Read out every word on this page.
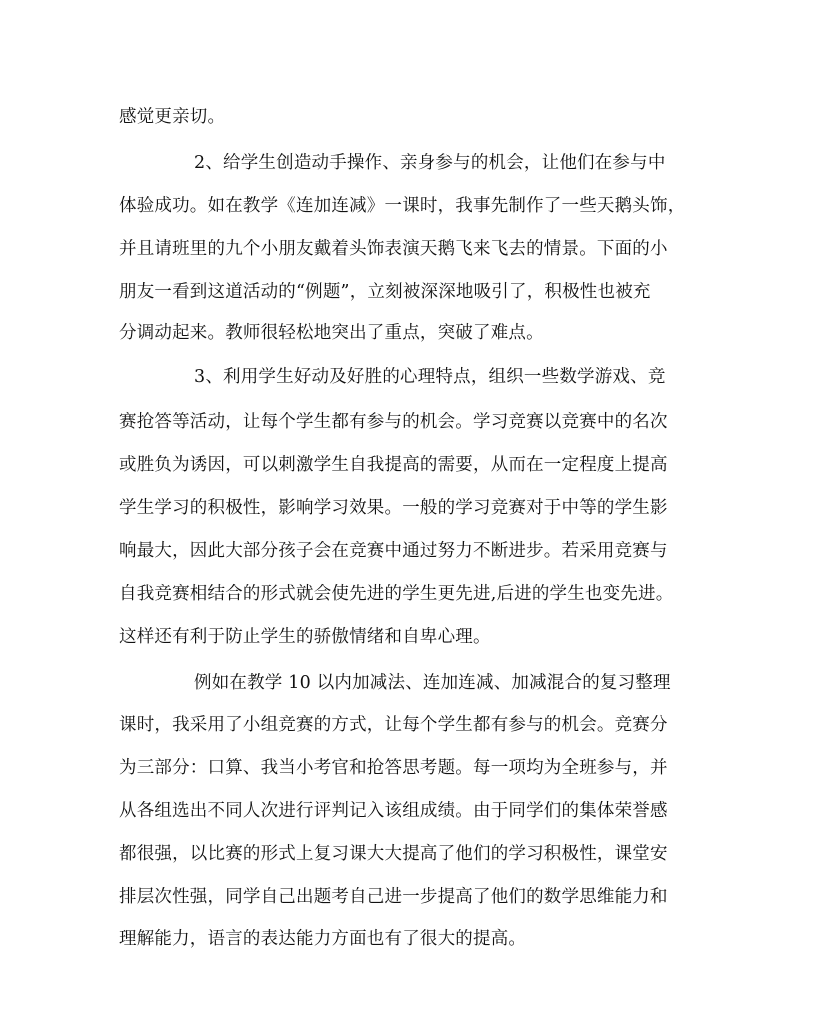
感觉更亲切。
2、给学生创造动手操作、亲身参与的机会，让他们在参与中
体验成功。如在教学《连加连减》一课时，我事先制作了一些天鹅头饰，
并且请班里的九个小朋友戴着头饰表演天鹅飞来飞去的情景。下面的小
朋友一看到这道活动的“例题”，立刻被深深地吸引了，积极性也被充
分调动起来。教师很轻松地突出了重点，突破了难点。
3、利用学生好动及好胜的心理特点，组织一些数学游戏、竞
赛抢答等活动，让每个学生都有参与的机会。学习竞赛以竞赛中的名次
或胜负为诱因，可以刺激学生自我提高的需要，从而在一定程度上提高
学生学习的积极性，影响学习效果。一般的学习竞赛对于中等的学生影
响最大，因此大部分孩子会在竞赛中通过努力不断进步。若采用竞赛与
自我竞赛相结合的形式就会使先进的学生更先进,后进的学生也变先进。
这样还有利于防止学生的骄傲情绪和自卑心理。
例如在教学 10 以内加减法、连加连减、加减混合的复习整理
课时，我采用了小组竞赛的方式，让每个学生都有参与的机会。竞赛分
为三部分：口算、我当小考官和抢答思考题。每一项均为全班参与，并
从各组选出不同人次进行评判记入该组成绩。由于同学们的集体荣誉感
都很强，以比赛的形式上复习课大大提高了他们的学习积极性，课堂安
排层次性强，同学自己出题考自己进一步提高了他们的数学思维能力和
理解能力，语言的表达能力方面也有了很大的提高。
